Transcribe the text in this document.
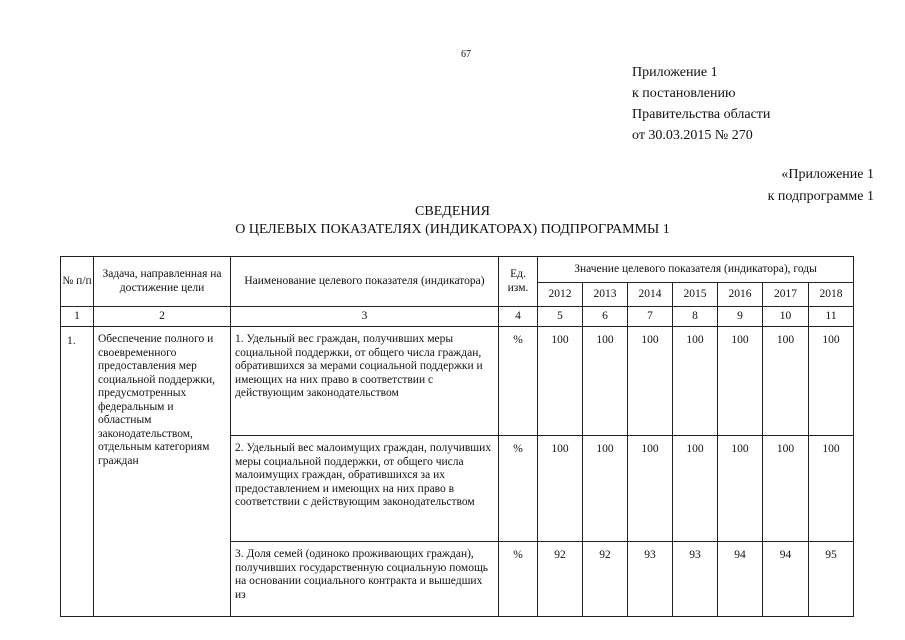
67
Приложение 1
к постановлению
Правительства области
от 30.03.2015 № 270
«Приложение 1
к подпрограмме 1
СВЕДЕНИЯ
О ЦЕЛЕВЫХ ПОКАЗАТЕЛЯХ (ИНДИКАТОРАХ) ПОДПРОГРАММЫ 1
№ п/п	Задача, направленная на достижение цели	Наименование целевого показателя (индикатора)	Ед. изм.	Значение целевого показателя (индикатора), годы						
				2012	2013	2014	2015	2016	2017	2018
1	2	3	4	5	6	7	8	9	10	11
1.	Обеспечение полного и своевременного предоставления мер социальной поддержки, предусмотренных федеральным и областным законодательством, отдельным категориям граждан	1. Удельный вес граждан, получивших меры социальной поддержки, от общего числа граждан, обратившихся за мерами социальной поддержки и имеющих на них право в соответствии с действующим законодательством	%	100	100	100	100	100	100	100
		2. Удельный вес малоимущих граждан, получивших меры социальной поддержки, от общего числа малоимущих граждан, обратившихся за их предоставлением и имеющих на них право в соответствии с действующим законодательством	%	100	100	100	100	100	100	100
		3. Доля семей (одиноко проживающих граждан), получивших государственную социальную помощь на основании социального контракта и вышедших из	%	92	92	93	93	94	94	95
